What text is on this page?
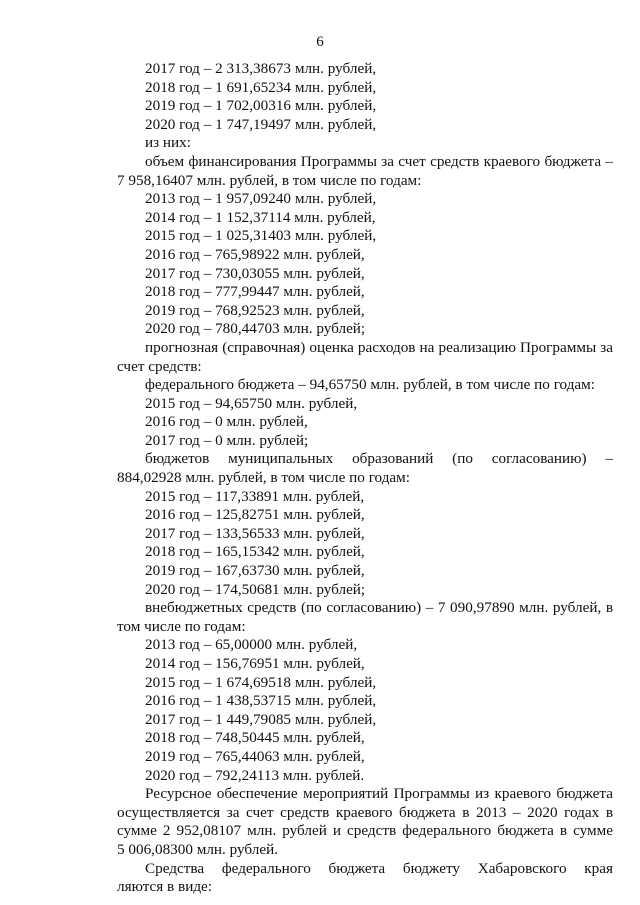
6
2017 год – 2 313,38673 млн. рублей,
2018 год – 1 691,65234 млн. рублей,
2019 год – 1 702,00316 млн. рублей,
2020 год – 1 747,19497 млн. рублей,
из них:
объем финансирования Программы за счет средств краевого бюджета –
7 958,16407 млн. рублей, в том числе по годам:
2013 год – 1 957,09240 млн. рублей,
2014 год – 1 152,37114 млн. рублей,
2015 год – 1 025,31403 млн. рублей,
2016 год – 765,98922 млн. рублей,
2017 год – 730,03055 млн. рублей,
2018 год – 777,99447 млн. рублей,
2019 год – 768,92523 млн. рублей,
2020 год – 780,44703 млн. рублей;
прогнозная (справочная) оценка расходов на реализацию Программы за
счет средств:
федерального бюджета – 94,65750 млн. рублей, в том числе по годам:
2015 год – 94,65750 млн. рублей,
2016 год – 0 млн. рублей,
2017 год – 0 млн. рублей;
бюджетов муниципальных образований (по согласованию) –
884,02928 млн. рублей, в том числе по годам:
2015 год – 117,33891 млн. рублей,
2016 год – 125,82751 млн. рублей,
2017 год – 133,56533 млн. рублей,
2018 год – 165,15342 млн. рублей,
2019 год – 167,63730 млн. рублей,
2020 год – 174,50681 млн. рублей;
внебюджетных средств (по согласованию) – 7 090,97890 млн. рублей, в
том числе по годам:
2013 год – 65,00000 млн. рублей,
2014 год – 156,76951 млн. рублей,
2015 год – 1 674,69518 млн. рублей,
2016 год – 1 438,53715 млн. рублей,
2017 год – 1 449,79085 млн. рублей,
2018 год – 748,50445 млн. рублей,
2019 год – 765,44063 млн. рублей,
2020 год – 792,24113 млн. рублей.
Ресурсное обеспечение мероприятий Программы из краевого бюджета
осуществляется за счет средств краевого бюджета в 2013 – 2020 годах в
сумме 2 952,08107 млн. рублей и средств федерального бюджета в сумме
5 006,08300 млн. рублей.
Средства федерального бюджета бюджету Хабаровского края
ляются в виде:
